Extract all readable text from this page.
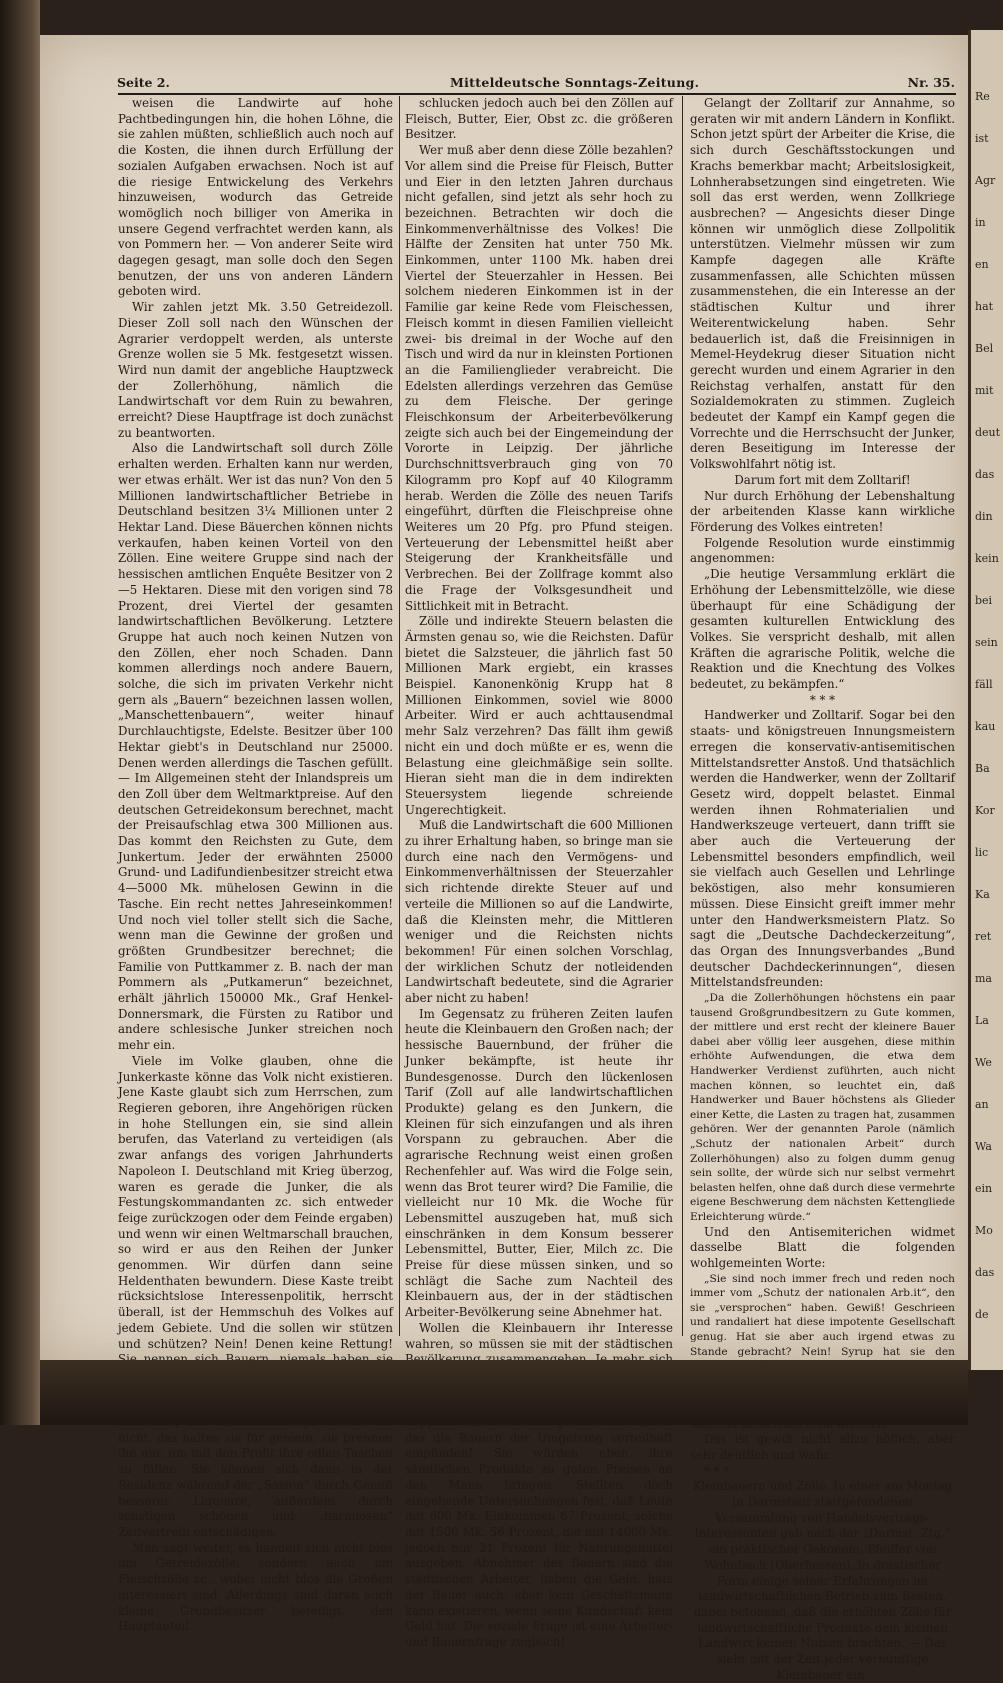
Re
ist
Agr
in
en
hat
Bel
mit
deut
das
din
kein
bei
sein
fäll
kau
Ba
Kor
lic
Ka
ret
ma
La
We
an
Wa
ein
Mo
das
de
Seite 2.	Mitteldeutsche Sonntags-Zeitung.	Nr. 35.

weisen die Landwirte auf hohe Pachtbedingungen hin, die hohen Löhne, die sie zahlen müßten, schließlich auch noch auf die Kosten, die ihnen durch Erfüllung der sozialen Aufgaben erwachsen. Noch ist auf die riesige Entwickelung des Verkehrs hinzuweisen, wodurch das Getreide womöglich noch billiger von Amerika in unsere Gegend verfrachtet werden kann, als von Pommern her. — Von anderer Seite wird dagegen gesagt, man solle doch den Segen benutzen, der uns von anderen Ländern geboten wird.

Wir zahlen jetzt Mk. 3.50 Getreidezoll. Dieser Zoll soll nach den Wünschen der Agrarier verdoppelt werden, als unterste Grenze wollen sie 5 Mk. festgesetzt wissen. Wird nun damit der angebliche Hauptzweck der Zollerhöhung, nämlich die Landwirtschaft vor dem Ruin zu bewahren, erreicht? Diese Hauptfrage ist doch zunächst zu beantworten.

Also die Landwirtschaft soll durch Zölle erhalten werden. Erhalten kann nur werden, wer etwas erhält. Wer ist das nun? Von den 5 Millionen landwirtschaftlicher Betriebe in Deutschland besitzen 3¼ Millionen unter 2 Hektar Land. Diese Bäuerchen können nichts verkaufen, haben keinen Vorteil von den Zöllen. Eine weitere Gruppe sind nach der hessischen amtlichen Enquête Besitzer von 2—5 Hektaren. Diese mit den vorigen sind 78 Prozent, drei Viertel der gesamten landwirtschaftlichen Bevölkerung. Letztere Gruppe hat auch noch keinen Nutzen von den Zöllen, eher noch Schaden. Dann kommen allerdings noch andere Bauern, solche, die sich im privaten Verkehr nicht gern als „Bauern“ bezeichnen lassen wollen, „Manschettenbauern“, weiter hinauf Durchlauchtigste, Edelste. Besitzer über 100 Hektar giebt's in Deutschland nur 25000. Denen werden allerdings die Taschen gefüllt. — Im Allgemeinen steht der Inlandspreis um den Zoll über dem Weltmarktpreise. Auf den deutschen Getreidekonsum berechnet, macht der Preisaufschlag etwa 300 Millionen aus. Das kommt den Reichsten zu Gute, dem Junkertum. Jeder der erwähnten 25000 Grund- und Ladifundienbesitzer streicht etwa 4—5000 Mk. mühelosen Gewinn in die Tasche. Ein recht nettes Jahreseinkommen! Und noch viel toller stellt sich die Sache, wenn man die Gewinne der großen und größten Grundbesitzer berechnet; die Familie von Puttkammer z. B. nach der man Pommern als „Putkamerun“ bezeichnet, erhält jährlich 150000 Mk., Graf Henkel-Donnersmark, die Fürsten zu Ratibor und andere schlesische Junker streichen noch mehr ein.

Viele im Volke glauben, ohne die Junkerkaste könne das Volk nicht existieren. Jene Kaste glaubt sich zum Herrschen, zum Regieren geboren, ihre Angehörigen rücken in hohe Stellungen ein, sie sind allein berufen, das Vaterland zu verteidigen (als zwar anfangs des vorigen Jahrhunderts Napoleon I. Deutschland mit Krieg überzog, waren es gerade die Junker, die als Festungskommandanten zc. sich entweder feige zurückzogen oder dem Feinde ergaben) und wenn wir einen Weltmarschall brauchen, so wird er aus den Reihen der Junker genommen. Wir dürfen dann seine Heldenthaten bewundern. Diese Kaste treibt rücksichtslose Interessenpolitik, herrscht überall, ist der Hemmschuh des Volkes auf jedem Gebiete. Und die sollen wir stützen und schützen? Nein! Denen keine Rettung! nicht, das halten sie für gemein, sie brennen ihn nur, um mit den Profit ihre edlen Taschen zu füllen. Sie können sich dann in der Residenz während der „Saison“ durch Genuß besserer Liqueure, außerdem durch sonstigen schönen und „harmlosen“ Zeitvertreib entschädigen.

Man sagt weiter, es handelt sich nicht blos um Getreidezölle, sondern auch um Fleischzölle zc., wobei nicht blos die Großen interessiert sind. Allerdings sind daran auch kleine Grundbesitzer beteiligt, den Hauptanteil

schlucken jedoch auch bei den Zöllen auf Fleisch, Butter, Eier, Obst zc. die größeren Besitzer.

Wer muß aber denn diese Zölle bezahlen? Vor allem sind die Preise für Fleisch, Butter und Eier in den letzten Jahren durchaus nicht gefallen, sind jetzt als sehr hoch zu bezeichnen. Betrachten wir doch die Einkommenverhältnisse des Volkes! Die Hälfte der Zensiten hat unter 750 Mk. Einkommen, unter 1100 Mk. haben drei Viertel der Steuerzahler in Hessen. Bei solchem niederen Einkommen ist in der Familie gar keine Rede vom Fleischessen, Fleisch kommt in diesen Familien vielleicht zwei- bis dreimal in der Woche auf den Tisch und wird da nur in kleinsten Portionen an die Familienglieder verabreicht. Die Edelsten allerdings verzehren das Gemüse zu dem Fleische. Der geringe Fleischkonsum der Arbeiterbevölkerung zeigte sich auch bei der Eingemeindung der Vororte in Leipzig. Der jährliche Durchschnittsverbrauch ging von 70 Kilogramm pro Kopf auf 40 Kilogramm herab. Werden die Zölle des neuen Tarifs eingeführt, dürften die Fleischpreise ohne Weiteres um 20 Pfg. pro Pfund steigen. Verteuerung der Lebensmittel heißt aber Steigerung der Krankheitsfälle und Verbrechen. Bei der Zollfrage kommt also die Frage der Volksgesundheit und Sittlichkeit mit in Betracht.

Zölle und indirekte Steuern belasten die Ärmsten genau so, wie die Reichsten. Dafür bietet die Salzsteuer, die jährlich fast 50 Millionen Mark ergiebt, ein krasses Beispiel. Kanonenkönig Krupp hat 8 Millionen Einkommen, soviel wie 8000 Arbeiter. Wird er auch achttausendmal mehr Salz verzehren? Das fällt ihm gewiß nicht ein und doch müßte er es, wenn die Belastung eine gleichmäßige sein sollte. Hieran sieht man die in dem indirekten Steuersystem liegende schreiende Ungerechtigkeit.

Muß die Landwirtschaft die 600 Millionen zu ihrer Erhaltung haben, so bringe man sie durch eine nach den Vermögens- und Einkommenverhältnissen der Steuerzahler sich richtende direkte Steuer auf und verteile die Millionen so auf die Landwirte, daß die Kleinsten mehr, die Mittleren weniger und die Reichsten nichts bekommen! Für einen solchen Vorschlag, der wirklichen Schutz der notleidenden Landwirtschaft bedeutete, sind die Agrarier aber nicht zu haben!

Im Gegensatz zu früheren Zeiten laufen heute die Kleinbauern den Großen nach; der hessische Bauernbund, der früher die Junker bekämpfte, ist heute ihr Bundesgenosse. Durch den lückenlosen Tarif (Zoll auf alle landwirtschaftlichen Produkte) gelang es den Junkern, die Kleinen für sich einzufangen und als ihren Vorspann zu gebrauchen. Aber die agrarische Rechnung weist einen großen Rechenfehler auf. Was wird die Folge sein, wenn das Brot teurer wird? Die Familie, die vielleicht nur 10 Mk. die Woche für Lebensmittel auszugeben hat, muß sich einschränken in dem Konsum besserer Lebensmittel, Butter, Eier, Milch zc. Die Preise für diese müssen sinken, und so schlägt die Sache zum Nachteil des Kleinbauern aus, der in der städtischen Arbeiter-Bevölkerung seine Abnehmer hat.

Wollen die Kleinbauern ihr Interesse wahren, so müssen sie mit der städtischen das die Bauern der Umgebung vorteilhaft empfinden! Sie würden eben ihre sämtlichen Produkte zu guten Preisen an den Mann bringen. Stellten doch eingehende Untersuchungen fest, daß Leute mit 600 Mk. Einkommen 67 Prozent; solche mit 1500 Mk. 56 Prozent, die mit 14000 Mk. jedoch nur 21 Prozent für Nahrungsmittel ausgeben. Abnehmer des Bauern sind die städtischen Arbeiter, haben die Geld, hats der Bauer auch; aber kein Geschäftsmann kann existieren, wenn seine Kundschaft kein Geld hat. Die soziale Frage ist eine Arbeiter- und Bauernfrage zugleich!

Gelangt der Zolltarif zur Annahme, so geraten wir mit andern Ländern in Konflikt. Schon jetzt spürt der Arbeiter die Krise, die sich durch Geschäftsstockungen und Krachs bemerkbar macht; Arbeitslosigkeit, Lohnherabsetzungen sind eingetreten. Wie soll das erst werden, wenn Zollkriege ausbrechen? — Angesichts dieser Dinge können wir unmöglich diese Zollpolitik unterstützen. Vielmehr müssen wir zum Kampfe dagegen alle Kräfte zusammenfassen, alle Schichten müssen zusammenstehen, die ein Interesse an der städtischen Kultur und ihrer Weiterentwickelung haben. Sehr bedauerlich ist, daß die Freisinnigen in Memel-Heydekrug dieser Situation nicht gerecht wurden und einem Agrarier in den Reichstag verhalfen, anstatt für den Sozialdemokraten zu stimmen. Zugleich bedeutet der Kampf ein Kampf gegen die Vorrechte und die Herrschsucht der Junker, deren Beseitigung im Interesse der Volkswohlfahrt nötig ist.

Darum fort mit dem Zolltarif!

Nur durch Erhöhung der Lebenshaltung der arbeitenden Klasse kann wirkliche Förderung des Volkes eintreten!

Folgende Resolution wurde einstimmig angenommen:

„Die heutige Versammlung erklärt die Erhöhung der Lebensmittelzölle, wie diese überhaupt für eine Schädigung der gesamten kulturellen Entwicklung des Volkes. Sie verspricht deshalb, mit allen Kräften die agrarische Politik, welche die Reaktion und die Knechtung des Volkes bedeutet, zu bekämpfen.“

* * *

Handwerker und Zolltarif. Sogar bei den staats- und königstreuen Innungsmeistern erregen die konservativ-antisemitischen Mittelstandsretter Anstoß. Und thatsächlich werden die Handwerker, wenn der Zolltarif Gesetz wird, doppelt belastet. Einmal werden ihnen Rohmaterialien und Handwerkszeuge verteuert, dann trifft sie aber auch die Verteuerung der Lebensmittel besonders empfindlich, weil sie vielfach auch Gesellen und Lehrlinge beköstigen, also mehr konsumieren müssen. Diese Einsicht greift immer mehr unter den Handwerksmeistern Platz. So sagt die „Deutsche Dachdeckerzeitung“, das Organ des Innungsverbandes „Bund deutscher Dachdeckerinnungen“, diesen Mittelstandsfreunden:

„Da die Zollerhöhungen höchstens ein paar tausend Großgrundbesitzern zu Gute kommen, der mittlere und erst recht der kleinere Bauer dabei aber völlig leer ausgehen, diese mithin erhöhte Aufwendungen, die etwa dem Handwerker Verdienst zuführten, auch nicht machen können, so leuchtet ein, daß Handwerker und Bauer höchstens als Glieder einer Kette, die Lasten zu tragen hat, zusammen gehören. Wer der genannten Parole (nämlich „Schutz der nationalen Arbeit“ durch Zollerhöhungen) also zu folgen dumm genug sein sollte, der würde sich nur selbst vermehrt belasten helfen, ohne daß durch diese vermehrte eigene Beschwerung dem nächsten Kettengliede Erleichterung würde.“

Und den Antisemiterichen widmet dasselbe Blatt die folgenden wohlgemeinten Worte:

„Sie sind noch immer frech und reden noch immer vom „Schutz der nationalen Arb.it“, den sie „versprochen“ haben. Gewiß! Geschrieen und randaliert hat diese impotente Gesellschaft genug. Hat sie aber auch irgend etwas zu Stande gebracht? Nein! Syrup hat sie den

Das ist gewiß nicht allzu höflich, aber sehr deutlich und wahr.

* * *

Kleinbauern und Zölle. In einer am Montag in Darmstadt stattgefundenen Versammlung von Handelsvertrags-Interessenten gab nach der „Darmst. Ztg.“ ein praktischer Oekonom, Pfeiffer von Wohnbach (Oberhessen), in drastischer Form einige seiner Erfahrungen im landwirtschaftlichen Betrieb zum Besten, dabei betonend, daß die erhöhten Zölle für landwirtschaftliche Produkte dem kleinen Landwirt keinen Nutzen brächten. — Das sieht mit der Zeit jeder vernünftige Kleinbauer ein.
